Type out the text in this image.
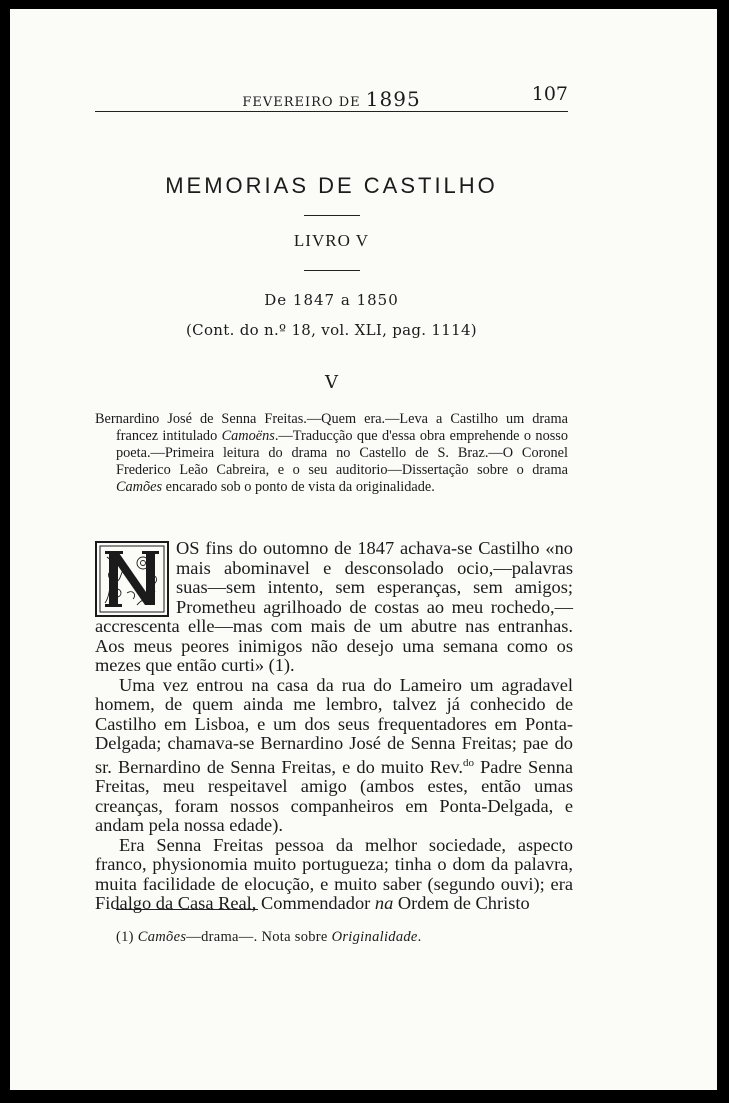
FEVEREIRO DE 1895	107
MEMORIAS DE CASTILHO
LIVRO V
De 1847 a 1850
(Cont. do n.º 18, vol. XLI, pag. 1114)
V

Bernardino José de Senna Freitas.—Quem era.—Leva a Castilho um drama francez intitulado Camoëns.—Traducção que d'essa obra emprehende o nosso poeta.—Primeira leitura do drama no Castello de S. Braz.—O Coronel Frederico Leão Cabreira, e o seu auditorio—Dissertação sobre o drama Camões encarado sob o ponto de vista da originalidade.

OS fins do outomno de 1847 achava-se Castilho «no mais abominavel e desconsolado ocio,—palavras suas—sem intento, sem esperanças, sem amigos; Prometheu agrilhoado de costas ao meu rochedo,—accrescenta elle—mas com mais de um abutre nas entranhas. Aos meus peores inimigos não desejo uma semana como os mezes que então curti» (1).

Uma vez entrou na casa da rua do Lameiro um agradavel homem, de quem ainda me lembro, talvez já conhecido de Castilho em Lisboa, e um dos seus frequentadores em Ponta-Delgada; chamava-se Bernardino José de Senna Freitas; pae do sr. Bernardino de Senna Freitas, e do muito Rev.$^{do}$ Padre Senna Freitas, meu respeitavel amigo (ambos estes, então umas creanças, foram nossos companheiros em Ponta-Delgada, e andam pela nossa edade).

Era Senna Freitas pessoa da melhor sociedade, aspecto franco, physionomia muito portugueza; tinha o dom da palavra, muita facilidade de elocução, e muito saber (segundo ouvi); era Fidalgo da Casa Real, Commendador na Ordem de Christo

(1) Camões—drama—. Nota sobre Originalidade.
